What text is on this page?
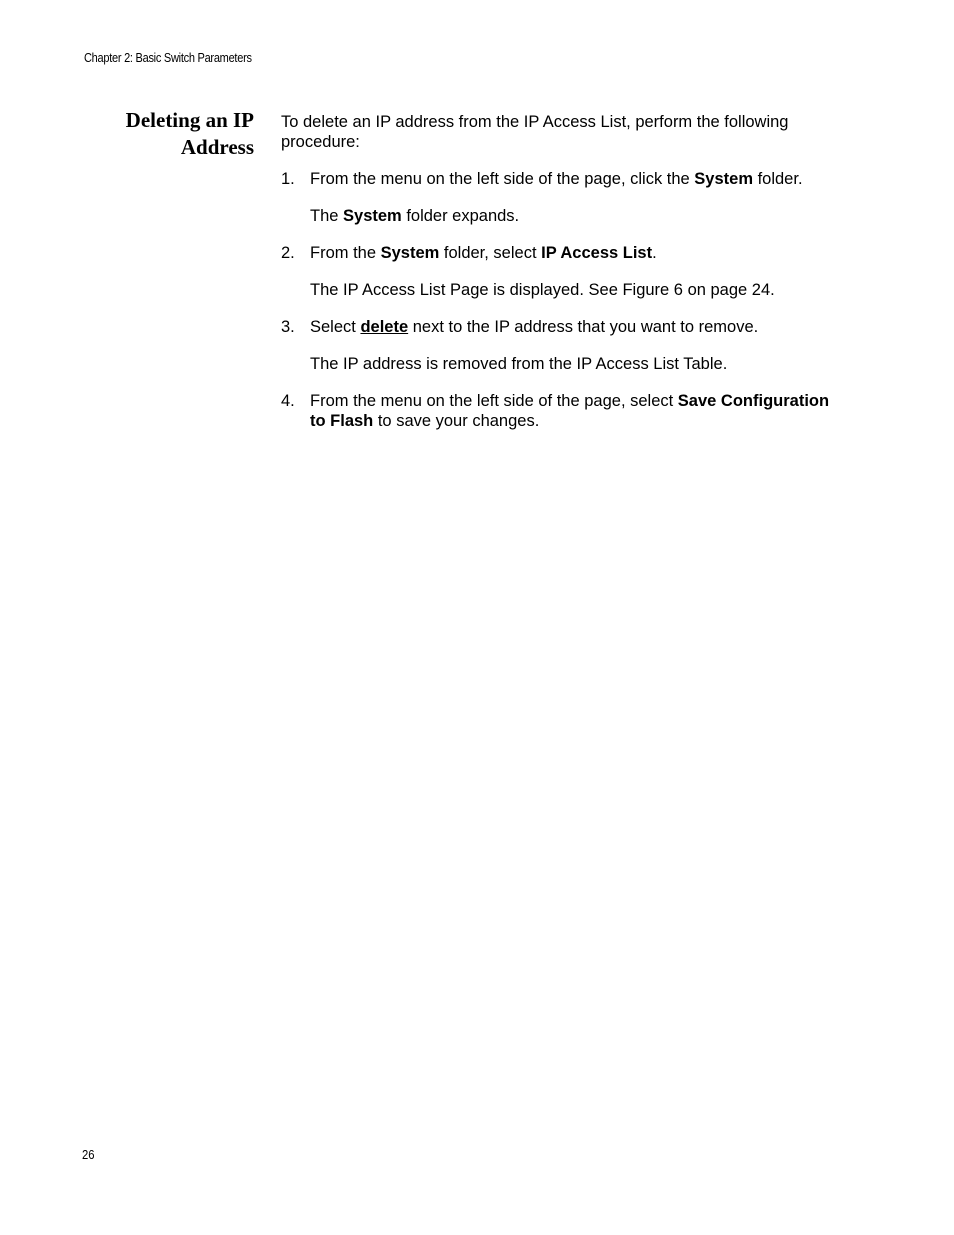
Chapter 2: Basic Switch Parameters
Deleting an IP
Address

To delete an IP address from the IP Access List, perform the following procedure:

1. From the menu on the left side of the page, click the System folder.

The System folder expands.

2. From the System folder, select IP Access List.

The IP Access List Page is displayed. See Figure 6 on page 24.

3. Select delete next to the IP address that you want to remove.

The IP address is removed from the IP Access List Table.

4. From the menu on the left side of the page, select Save Configuration to Flash to save your changes.
26
